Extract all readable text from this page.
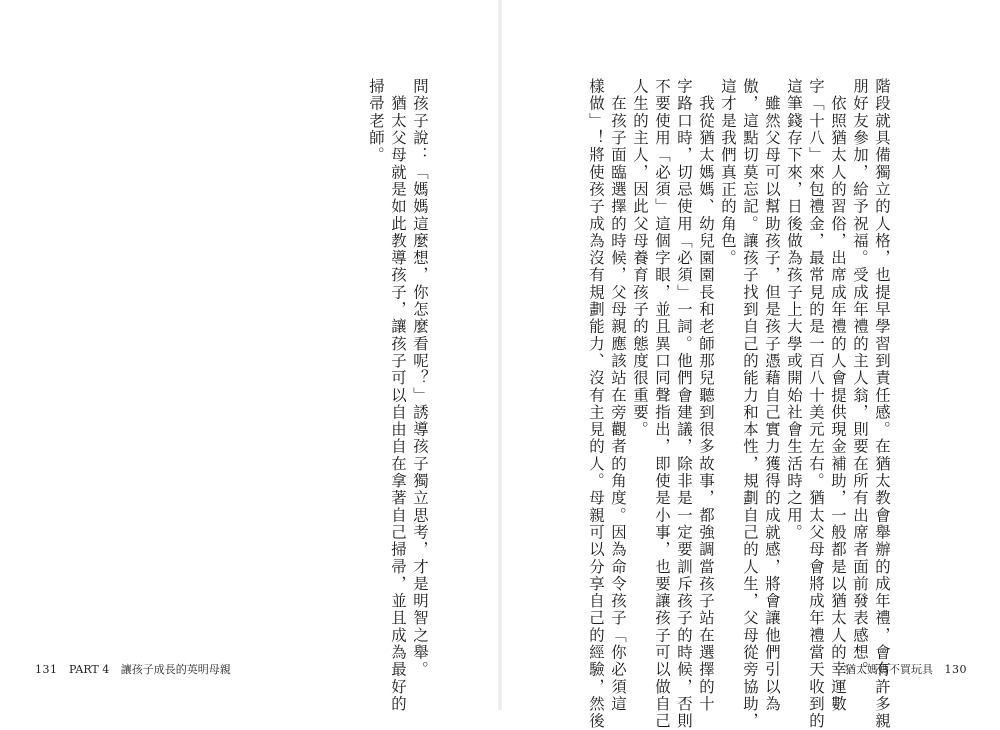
階段就具備獨立的人格，也提早學習到責任感。在猶太教會舉辦的成年禮，會有許多親
朋好友參加，給予祝福。受成年禮的主人翁，則要在所有出席者面前發表感想。
　依照猶太人的習俗，出席成年禮的人會提供現金補助，一般都是以猶太人的幸運數
字「十八」來包禮金，最常見的是一百八十美元左右。猶太父母會將成年禮當天收到的
這筆錢存下來，日後做為孩子上大學或開始社會生活時之用。
　雖然父母可以幫助孩子，但是孩子憑藉自己實力獲得的成就感，將會讓他們引以為
傲，這點切莫忘記。讓孩子找到自己的能力和本性，規劃自己的人生，父母從旁協助，
這才是我們真正的角色。
　我從猶太媽媽、幼兒園園長和老師那兒聽到很多故事，都強調當孩子站在選擇的十
字路口時，切忌使用「必須」一詞。他們會建議，除非是一定要訓斥孩子的時候，否則
不要使用「必須」這個字眼，並且異口同聲指出，即使是小事，也要讓孩子可以做自己
人生的主人，因此父母養育孩子的態度很重要。
　在孩子面臨選擇的時候，父母親應該站在旁觀者的角度。因為命令孩子「你必須這
樣做」！將使孩子成為沒有規劃能力、沒有主見的人。母親可以分享自己的經驗，然後
問孩子說：「媽媽這麼想，你怎麼看呢？」誘導孩子獨立思考，才是明智之舉。
　猶太父母就是如此教導孩子，讓孩子可以自由自在拿著自己掃帚，並且成為最好的
掃帚老師。
131 PART 4 讓孩子成長的英明母親	猶太媽媽不買玩具 130
